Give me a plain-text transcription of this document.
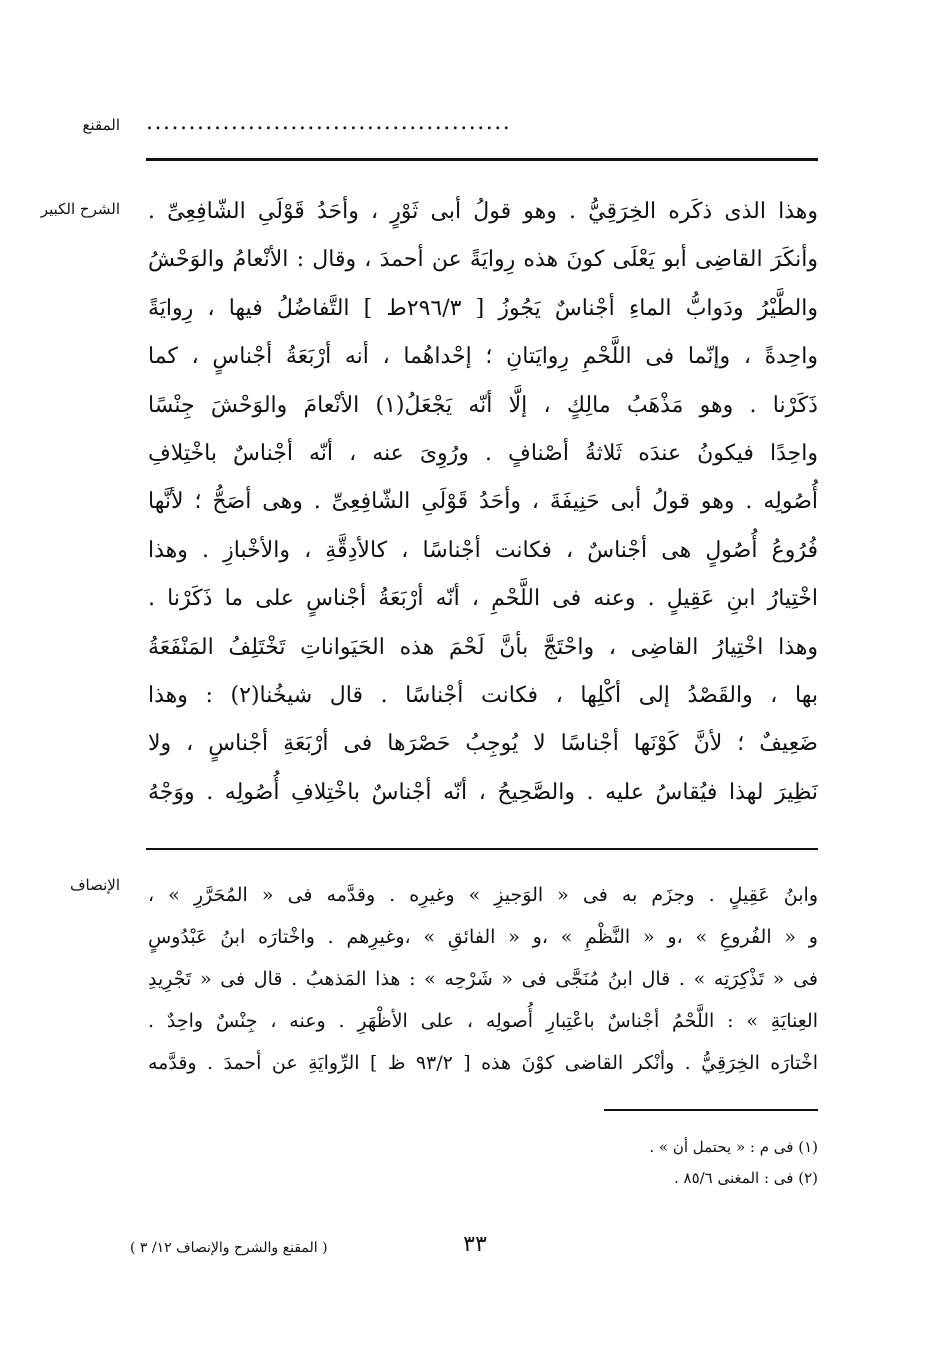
المقنع ...........................................
الشرح الكبير
الإنصاف
وهذا الذى ذكَره الخِرَقِيُّ . وهو قولُ أبى ثَوْرٍ ، وأحَدُ قَوْلَىِ الشّافِعِىِّ .
وأنكَرَ القاضِى أبو يَعْلَى كونَ هذه رِوايَةً عن أحمدَ ، وقال : الأنْعامُ والوَحْشُ
والطَّيْرُ ودَوابُّ الماءِ أجْناسٌ يَجُوزُ [ ٢٩٦/٣ط ] التَّفاضُلُ فيها ، رِوايَةً
واحِدةً ، وإنّما فى اللَّحْمِ رِوايَتانِ ؛ إحْداهُما ، أنه أرْبَعَةُ أجْناسٍ ، كما
ذَكَرْنا . وهو مَذْهَبُ مالِكٍ ، إلَّا أنّه يَجْعَلُ(١) الأنْعامَ والوَحْشَ جِنْسًا
واحِدًا فيكونُ عندَه ثَلاثةُ أصْنافٍ . ورُوِىَ عنه ، أنّه أجْناسٌ باخْتِلافِ
أُصُولِه . وهو قولُ أبى حَنِيفَةَ ، وأحَدُ قَوْلَىِ الشّافِعِىِّ . وهى أصَحُّ ؛ لأنَّها
فُرُوعُ أُصُولٍ هى أجْناسٌ ، فكانت أجْناسًا ، كالأدِقَّةِ ، والأخْبازِ . وهذا
اخْتِيارُ ابنِ عَقِيلٍ . وعنه فى اللَّحْمِ ، أنّه أرْبَعَةُ أجْناسٍ على ما ذَكَرْنا .
وهذا اخْتِيارُ القاضِى ، واحْتَجَّ بأنَّ لَحْمَ هذه الحَيَواناتِ تَخْتَلِفُ المَنْفَعَةُ
بها ، والقَصْدُ إلى أكْلِها ، فكانت أجْناسًا . قال شيخُنا(٢) : وهذا
ضَعِيفٌ ؛ لأنَّ كَوْنَها أجْناسًا لا يُوجِبُ حَصْرَها فى أرْبَعَةِ أجْناسٍ ، ولا
نَظِيرَ لهذا فيُقاسُ عليه . والصَّحِيحُ ، أنّه أجْناسٌ باخْتِلافِ أُصُولِه . ووَجْهُ
وابنُ عَقِيلٍ . وجزَم به فى « الوَجيزِ » وغيرِه . وقدَّمه فى « المُحَرَّرِ » ،
و « الفُروعِ » ،و « النَّظْمِ » ،و « الفائقِ » ،وغيرِهم . واخْتارَه ابنُ عَبْدُوسٍ
فى « تَذْكِرَتِه » . قال ابنُ مُنَجَّى فى « شَرْحِه » : هذا المَذهبُ . قال فى « تَجْرِيدِ
العِنايَةِ » : اللَّحْمُ أجْناسٌ باعْتِبارِ أُصولِه ، على الأظْهَرِ . وعنه ، جِنْسٌ واحِدٌ .
اخْتارَه الخِرَقِيُّ . وأنْكر القاضى كوْنَ هذه [ ٩٣/٢ ظ ] الرِّوايَةِ عن أحمدَ . وقدَّمه
(١) فى م : « يحتمل أن » .
(٢) فى : المغنى ٨٥/٦ .
٣٣
( المقنع والشرح والإنصاف ١٢/ ٣ )
